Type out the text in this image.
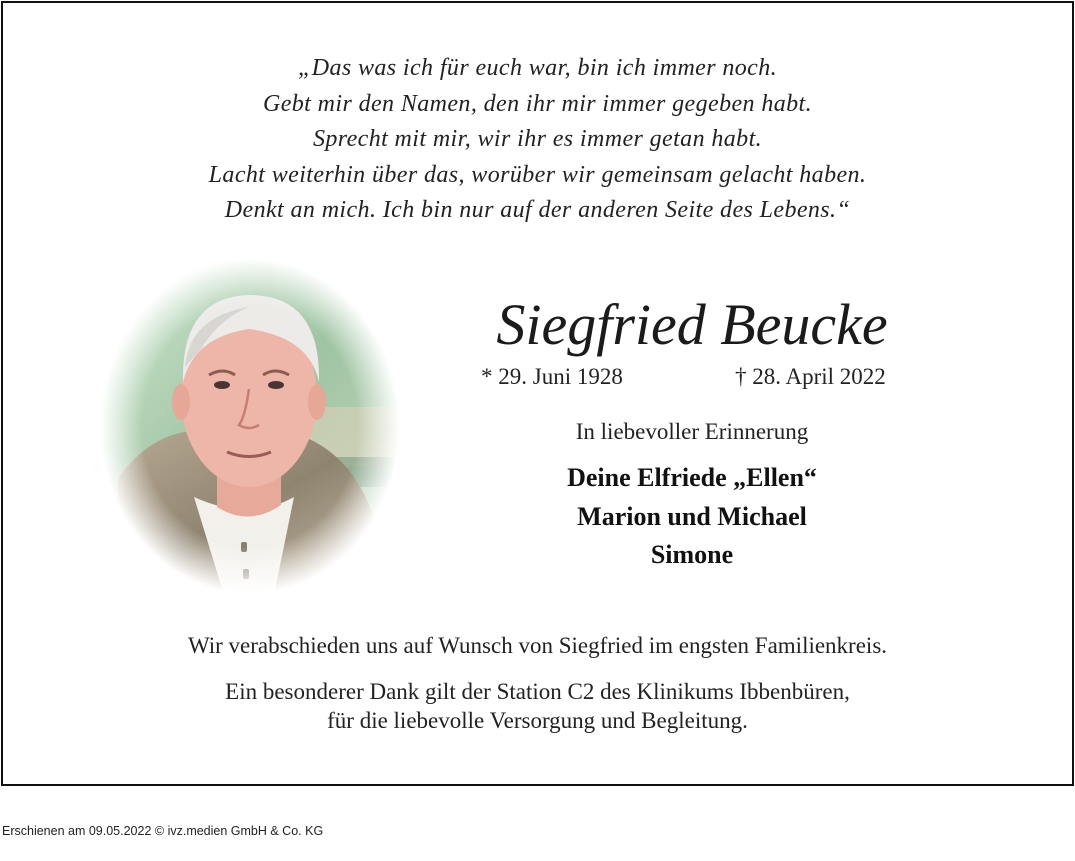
„Das was ich für euch war, bin ich immer noch.
Gebt mir den Namen, den ihr mir immer gegeben habt.
Sprecht mit mir, wir ihr es immer getan habt.
Lacht weiterhin über das, worüber wir gemeinsam gelacht haben.
Denkt an mich. Ich bin nur auf der anderen Seite des Lebens.“
Siegfried Beucke
* 29. Juni 1928	† 28. April 2022
In liebevoller Erinnerung
Deine Elfriede „Ellen“
Marion und Michael
Simone
Wir verabschieden uns auf Wunsch von Siegfried im engsten Familienkreis.
Ein besonderer Dank gilt der Station C2 des Klinikums Ibbenbüren,
für die liebevolle Versorgung und Begleitung.
Erschienen am 09.05.2022 © ivz.medien GmbH & Co. KG
